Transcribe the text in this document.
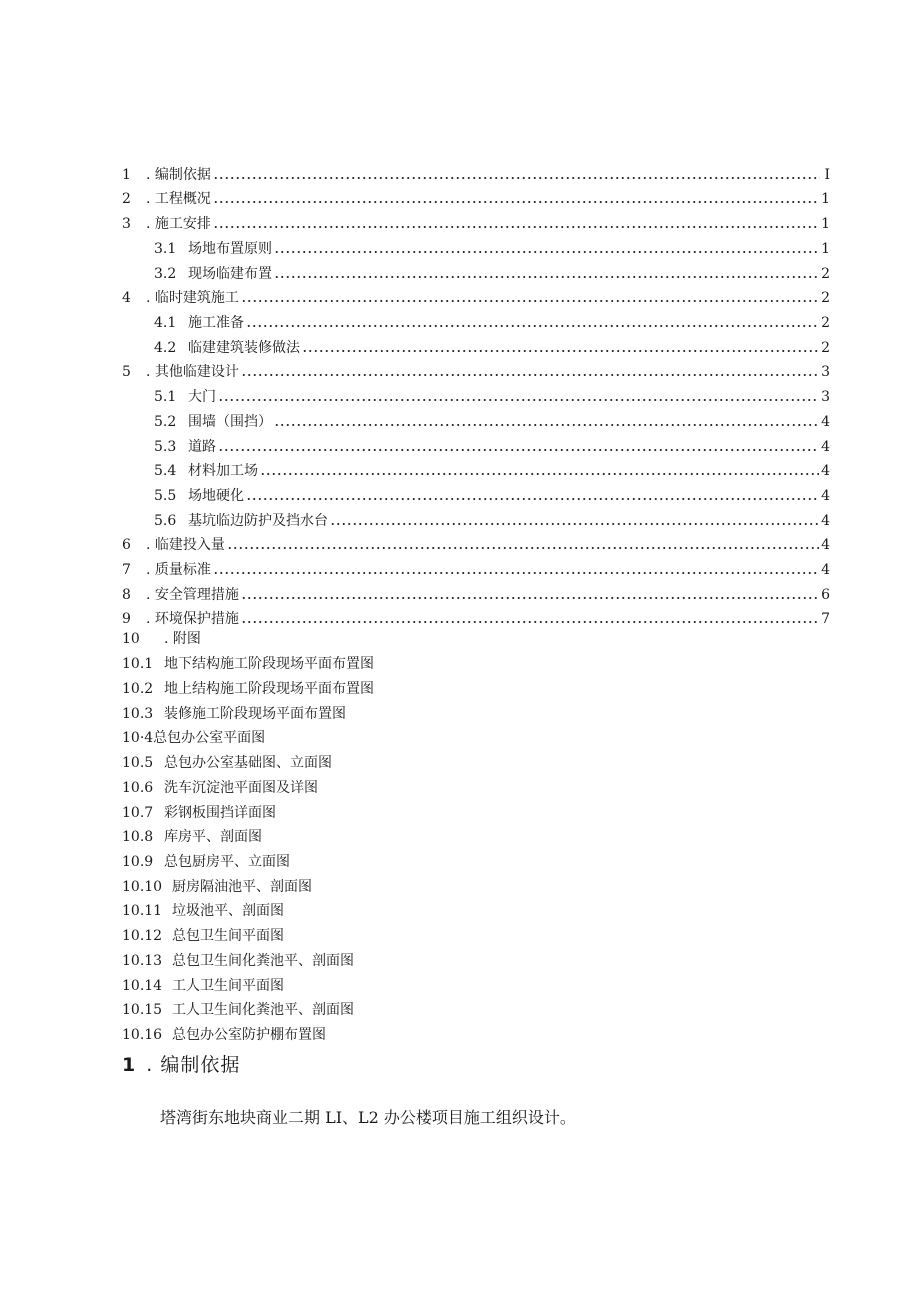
1	. 编制依据	I
2	. 工程概况	1
3	. 施工安排	1
3.1 场地布置原则	1
3.2 现场临建布置	2
4	. 临时建筑施工	2
4.1 施工准备	2
4.2 临建建筑装修做法	2
5	. 其他临建设计	3
5.1 大门	3
5.2 围墙（围挡）	4
5.3 道路	4
5.4 材料加工场	4
5.5 场地硬化	4
5.6 基坑临边防护及挡水台	4
6	. 临建投入量	4
7	. 质量标准	4
8	. 安全管理措施	6
9	. 环境保护措施	7
10 . 附图
10.1 地下结构施工阶段现场平面布置图
10.2 地上结构施工阶段现场平面布置图
10.3 装修施工阶段现场平面布置图
10·4总包办公室平面图
10.5 总包办公室基础图、立面图
10.6 洗车沉淀池平面图及详图
10.7 彩钢板围挡详面图
10.8 库房平、剖面图
10.9 总包厨房平、立面图
10.10 厨房隔油池平、剖面图
10.11 垃圾池平、剖面图
10.12 总包卫生间平面图
10.13 总包卫生间化粪池平、剖面图
10.14 工人卫生间平面图
10.15 工人卫生间化粪池平、剖面图
10.16 总包办公室防护棚布置图
1 . 编制依据
塔湾街东地块商业二期 LI、L2 办公楼项目施工组织设计。
